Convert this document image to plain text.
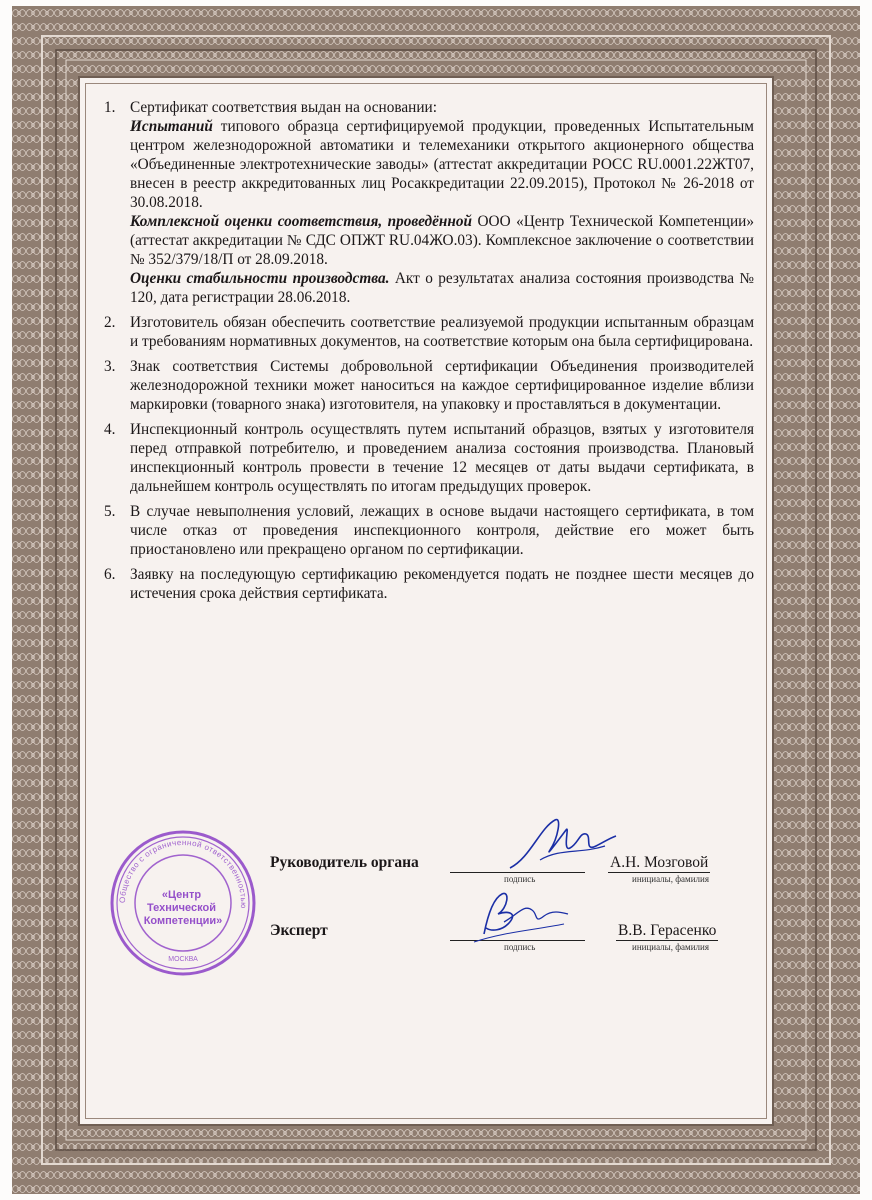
1. Сертификат соответствия выдан на основании:
Испытаний типового образца сертифицируемой продукции, проведенных Испытательным центром железнодорожной автоматики и телемеханики открытого акционерного общества «Объединенные электротехнические заводы» (аттестат аккредитации РОСС RU.0001.22ЖТ07, внесен в реестр аккредитованных лиц Росаккредитации 22.09.2015), Протокол № 26-2018 от 30.08.2018.
Комплексной оценки соответствия, проведённой ООО «Центр Технической Компетенции» (аттестат аккредитации № СДС ОПЖТ RU.04ЖО.03). Комплексное заключение о соответствии № 352/379/18/П от 28.09.2018.
Оценки стабильности производства. Акт о результатах анализа состояния производства № 120, дата регистрации 28.06.2018.
2. Изготовитель обязан обеспечить соответствие реализуемой продукции испытанным образцам и требованиям нормативных документов, на соответствие которым она была сертифицирована.
3. Знак соответствия Системы добровольной сертификации Объединения производителей железнодорожной техники может наноситься на каждое сертифицированное изделие вблизи маркировки (товарного знака) изготовителя, на упаковку и проставляться в документации.
4. Инспекционный контроль осуществлять путем испытаний образцов, взятых у изготовителя перед отправкой потребителю, и проведением анализа состояния производства. Плановый инспекционный контроль провести в течение 12 месяцев от даты выдачи сертификата, в дальнейшем контроль осуществлять по итогам предыдущих проверок.
5. В случае невыполнения условий, лежащих в основе выдачи настоящего сертификата, в том числе отказ от проведения инспекционного контроля, действие его может быть приостановлено или прекращено органом по сертификации.
6. Заявку на последующую сертификацию рекомендуется подать не позднее шести месяцев до истечения срока действия сертификата.
Общество с ограниченной ответственностью
«Центр Технической Компетенции»
МОСКВА
Руководитель органа
подпись
А.Н. Мозговой
инициалы, фамилия
Эксперт
подпись
В.В. Герасенко
инициалы, фамилия
